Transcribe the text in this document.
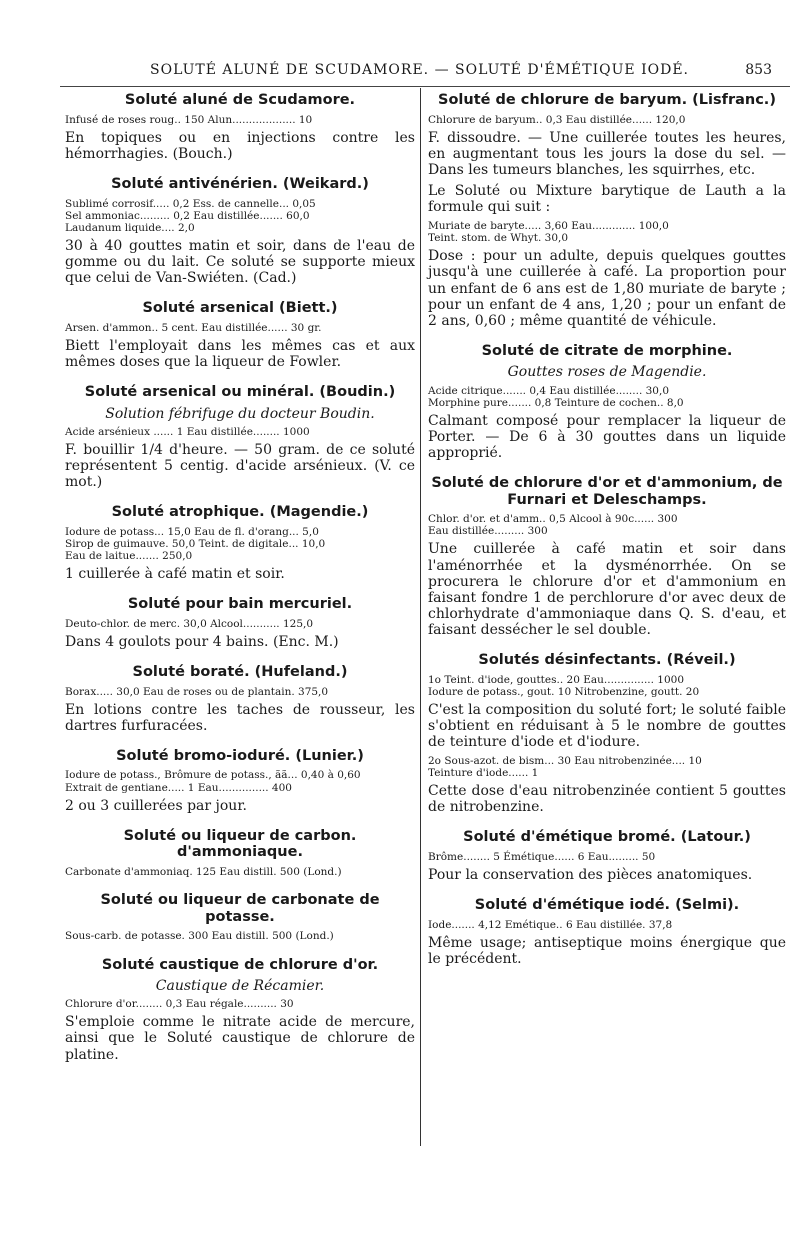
SOLUTÉ ALUNÉ DE SCUDAMORE. — SOLUTÉ D'ÉMÉTIQUE IODÉ.	853
Soluté aluné de Scudamore.
Infusé de roses roug.. 150 Alun................... 10

En topiques ou en injections contre les hémorrhagies. (Bouch.)

Soluté antivénérien. (Weikard.)
Sublimé corrosif..... 0,2 Ess. de cannelle... 0,05
Sel ammoniac......... 0,2 Eau distillée....... 60,0
Laudanum liquide.... 2,0

30 à 40 gouttes matin et soir, dans de l'eau de gomme ou du lait. Ce soluté se supporte mieux que celui de Van-Swiéten. (Cad.)

Soluté arsenical (Biett.)
Arsen. d'ammon.. 5 cent. Eau distillée...... 30 gr.

Biett l'employait dans les mêmes cas et aux mêmes doses que la liqueur de Fowler.

Soluté arsenical ou minéral. (Boudin.)
Solution fébrifuge du docteur Boudin.
Acide arsénieux ...... 1 Eau distillée........ 1000

F. bouillir 1/4 d'heure. — 50 gram. de ce soluté représentent 5 centig. d'acide arsénieux. (V. ce mot.)

Soluté atrophique. (Magendie.)
Iodure de potass... 15,0 Eau de fl. d'orang... 5,0
Sirop de guimauve. 50,0 Teint. de digitale... 10,0
Eau de laitue....... 250,0

1 cuillerée à café matin et soir.

Soluté pour bain mercuriel.
Deuto-chlor. de merc. 30,0 Alcool........... 125,0

Dans 4 goulots pour 4 bains. (Enc. M.)

Soluté boraté. (Hufeland.)
Borax..... 30,0 Eau de roses ou de plantain. 375,0

En lotions contre les taches de rousseur, les dartres furfuracées.

Soluté bromo-ioduré. (Lunier.)
Iodure de potass., Brômure de potass., ãã... 0,40 à 0,60
Extrait de gentiane..... 1 Eau............... 400

2 ou 3 cuillerées par jour.

Soluté ou liqueur de carbon. d'ammoniaque.
Carbonate d'ammoniaq. 125 Eau distill. 500 (Lond.)
Soluté ou liqueur de carbonate de potasse.
Sous-carb. de potasse. 300 Eau distill. 500 (Lond.)
Soluté caustique de chlorure d'or.
Caustique de Récamier.
Chlorure d'or........ 0,3 Eau régale.......... 30

S'emploie comme le nitrate acide de mercure, ainsi que le Soluté caustique de chlorure de platine.

Soluté de chlorure de baryum. (Lisfranc.)
Chlorure de baryum.. 0,3 Eau distillée...... 120,0

F. dissoudre. — Une cuillerée toutes les heures, en augmentant tous les jours la dose du sel. — Dans les tumeurs blanches, les squirrhes, etc.

Le Soluté ou Mixture barytique de Lauth a la formule qui suit :

Muriate de baryte..... 3,60 Eau............. 100,0
Teint. stom. de Whyt. 30,0

Dose : pour un adulte, depuis quelques gouttes jusqu'à une cuillerée à café. La proportion pour un enfant de 6 ans est de 1,80 muriate de baryte ; pour un enfant de 4 ans, 1,20 ; pour un enfant de 2 ans, 0,60 ; même quantité de véhicule.

Soluté de citrate de morphine.
Gouttes roses de Magendie.
Acide citrique....... 0,4 Eau distillée........ 30,0
Morphine pure....... 0,8 Teinture de cochen.. 8,0

Calmant composé pour remplacer la liqueur de Porter. — De 6 à 30 gouttes dans un liquide approprié.

Soluté de chlorure d'or et d'ammonium, de Furnari et Deleschamps.
Chlor. d'or. et d'amm.. 0,5 Alcool à 90c...... 300
Eau distillée......... 300

Une cuillerée à café matin et soir dans l'aménorrhée et la dysménorrhée. On se procurera le chlorure d'or et d'ammonium en faisant fondre 1 de perchlorure d'or avec deux de chlorhydrate d'ammoniaque dans Q. S. d'eau, et faisant dessécher le sel double.

Solutés désinfectants. (Réveil.)
1o Teint. d'iode, gouttes.. 20 Eau............... 1000
Iodure de potass., gout. 10 Nitrobenzine, goutt. 20

C'est la composition du soluté fort; le soluté faible s'obtient en réduisant à 5 le nombre de gouttes de teinture d'iode et d'iodure.

2o Sous-azot. de bism... 30 Eau nitrobenzinée.... 10
Teinture d'iode...... 1

Cette dose d'eau nitrobenzinée contient 5 gouttes de nitrobenzine.

Soluté d'émétique bromé. (Latour.)
Brôme........ 5 Émétique...... 6 Eau......... 50

Pour la conservation des pièces anatomiques.

Soluté d'émétique iodé. (Selmi).
Iode....... 4,12 Emétique.. 6 Eau distillée. 37,8

Même usage; antiseptique moins énergique que le précédent.
